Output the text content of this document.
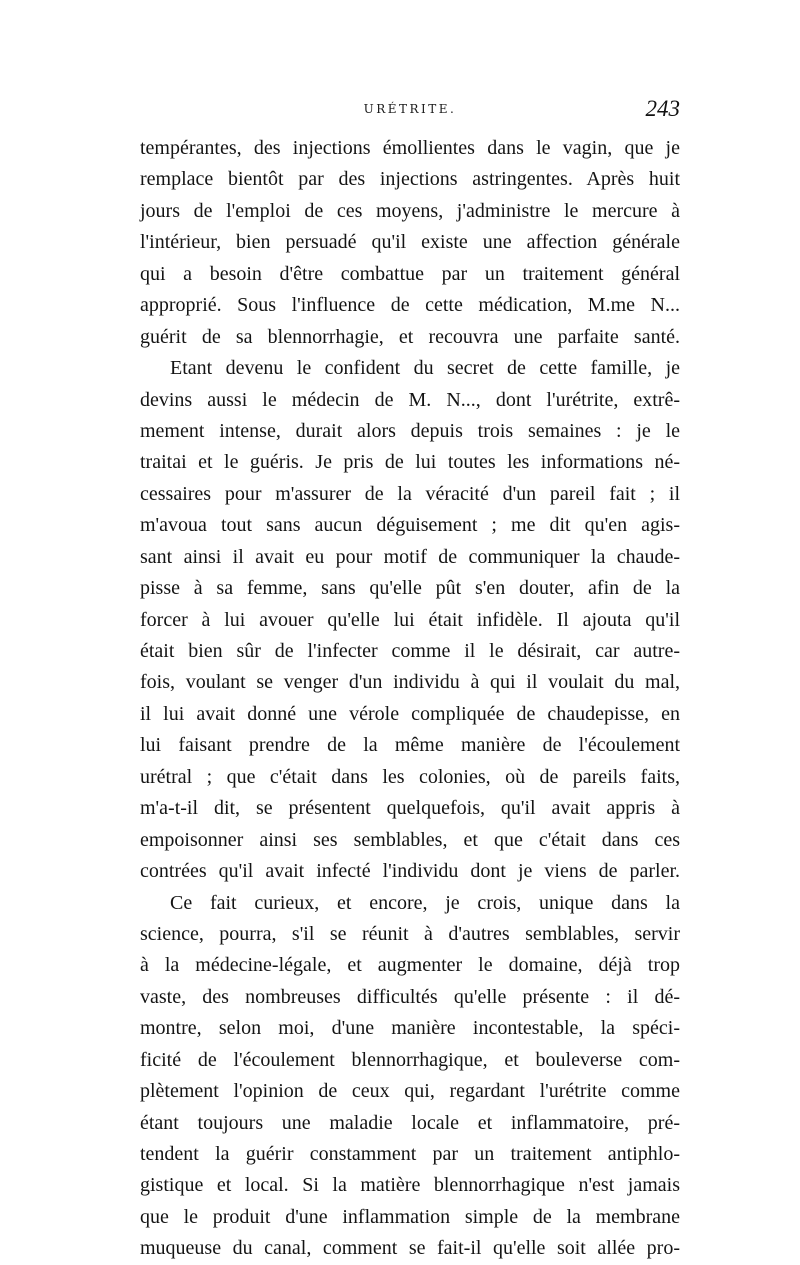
URÉTRITE.	243
tempérantes, des injections émollientes dans le vagin, que je
remplace bientôt par des injections astringentes. Après huit
jours de l'emploi de ces moyens, j'administre le mercure à
l'intérieur, bien persuadé qu'il existe une affection générale
qui a besoin d'être combattue par un traitement général
approprié. Sous l'influence de cette médication, M.me N...
guérit de sa blennorrhagie, et recouvra une parfaite santé.
Etant devenu le confident du secret de cette famille, je
devins aussi le médecin de M. N..., dont l'urétrite, extrê-
mement intense, durait alors depuis trois semaines : je le
traitai et le guéris. Je pris de lui toutes les informations né-
cessaires pour m'assurer de la véracité d'un pareil fait ; il
m'avoua tout sans aucun déguisement ; me dit qu'en agis-
sant ainsi il avait eu pour motif de communiquer la chaude-
pisse à sa femme, sans qu'elle pût s'en douter, afin de la
forcer à lui avouer qu'elle lui était infidèle. Il ajouta qu'il
était bien sûr de l'infecter comme il le désirait, car autre-
fois, voulant se venger d'un individu à qui il voulait du mal,
il lui avait donné une vérole compliquée de chaudepisse, en
lui faisant prendre de la même manière de l'écoulement
urétral ; que c'était dans les colonies, où de pareils faits,
m'a-t-il dit, se présentent quelquefois, qu'il avait appris à
empoisonner ainsi ses semblables, et que c'était dans ces
contrées qu'il avait infecté l'individu dont je viens de parler.
Ce fait curieux, et encore, je crois, unique dans la
science, pourra, s'il se réunit à d'autres semblables, servir
à la médecine-légale, et augmenter le domaine, déjà trop
vaste, des nombreuses difficultés qu'elle présente : il dé-
montre, selon moi, d'une manière incontestable, la spéci-
ficité de l'écoulement blennorrhagique, et bouleverse com-
plètement l'opinion de ceux qui, regardant l'urétrite comme
étant toujours une maladie locale et inflammatoire, pré-
tendent la guérir constamment par un traitement antiphlo-
gistique et local. Si la matière blennorrhagique n'est jamais
que le produit d'une inflammation simple de la membrane
muqueuse du canal, comment se fait-il qu'elle soit allée pro-
